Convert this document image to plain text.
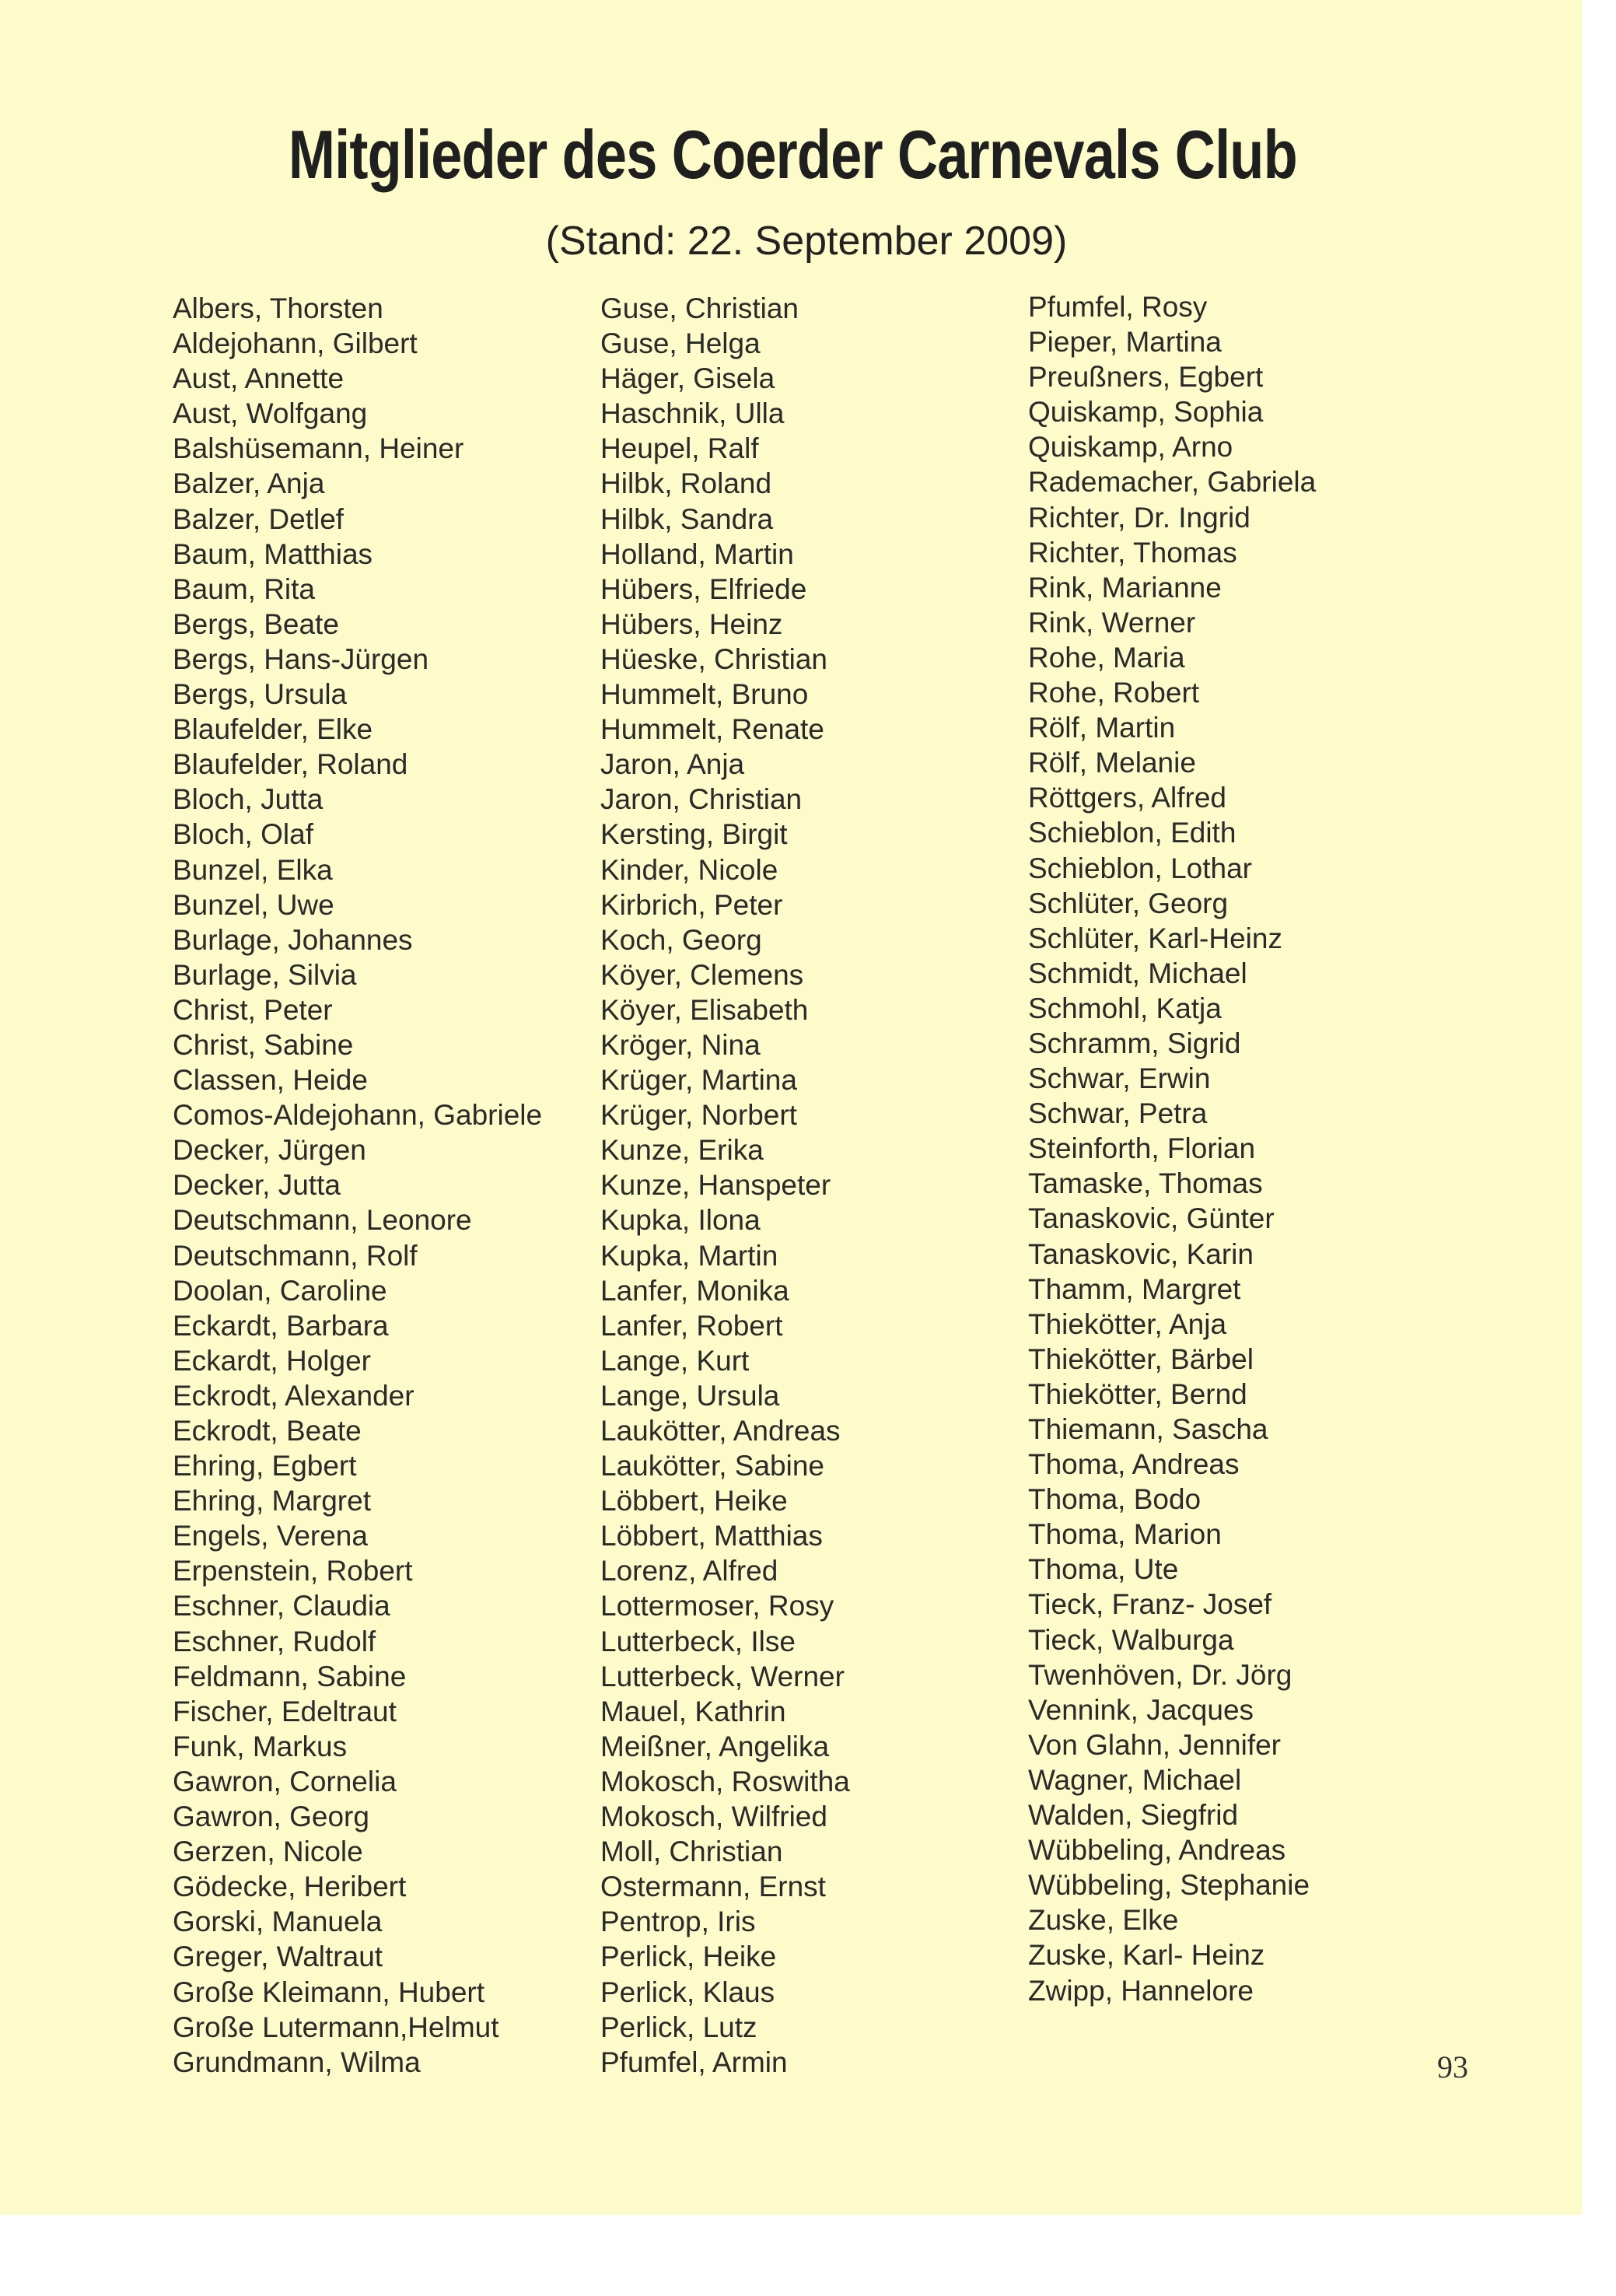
Mitglieder des Coerder Carnevals Club
(Stand: 22. September 2009)
Albers, Thorsten
Aldejohann, Gilbert
Aust, Annette
Aust, Wolfgang
Balshüsemann, Heiner
Balzer, Anja
Balzer, Detlef
Baum, Matthias
Baum, Rita
Bergs, Beate
Bergs, Hans-Jürgen
Bergs, Ursula
Blaufelder, Elke
Blaufelder, Roland
Bloch, Jutta
Bloch, Olaf
Bunzel, Elka
Bunzel, Uwe
Burlage, Johannes
Burlage, Silvia
Christ, Peter
Christ, Sabine
Classen, Heide
Comos-Aldejohann, Gabriele
Decker, Jürgen
Decker, Jutta
Deutschmann, Leonore
Deutschmann, Rolf
Doolan, Caroline
Eckardt, Barbara
Eckardt, Holger
Eckrodt, Alexander
Eckrodt, Beate
Ehring, Egbert
Ehring, Margret
Engels, Verena
Erpenstein, Robert
Eschner, Claudia
Eschner, Rudolf
Feldmann, Sabine
Fischer, Edeltraut
Funk, Markus
Gawron, Cornelia
Gawron, Georg
Gerzen, Nicole
Gödecke, Heribert
Gorski, Manuela
Greger, Waltraut
Große Kleimann, Hubert
Große Lutermann,Helmut
Grundmann, Wilma
Guse, Christian
Guse, Helga
Häger, Gisela
Haschnik, Ulla
Heupel, Ralf
Hilbk, Roland
Hilbk, Sandra
Holland, Martin
Hübers, Elfriede
Hübers, Heinz
Hüeske, Christian
Hummelt, Bruno
Hummelt, Renate
Jaron, Anja
Jaron, Christian
Kersting, Birgit
Kinder, Nicole
Kirbrich, Peter
Koch, Georg
Köyer, Clemens
Köyer, Elisabeth
Kröger, Nina
Krüger, Martina
Krüger, Norbert
Kunze, Erika
Kunze, Hanspeter
Kupka, Ilona
Kupka, Martin
Lanfer, Monika
Lanfer, Robert
Lange, Kurt
Lange, Ursula
Laukötter, Andreas
Laukötter, Sabine
Löbbert, Heike
Löbbert, Matthias
Lorenz, Alfred
Lottermoser, Rosy
Lutterbeck, Ilse
Lutterbeck, Werner
Mauel, Kathrin
Meißner, Angelika
Mokosch, Roswitha
Mokosch, Wilfried
Moll, Christian
Ostermann, Ernst
Pentrop, Iris
Perlick, Heike
Perlick, Klaus
Perlick, Lutz
Pfumfel, Armin
Pfumfel, Rosy
Pieper, Martina
Preußners, Egbert
Quiskamp, Sophia
Quiskamp, Arno
Rademacher, Gabriela
Richter, Dr. Ingrid
Richter, Thomas
Rink, Marianne
Rink, Werner
Rohe, Maria
Rohe, Robert
Rölf, Martin
Rölf, Melanie
Röttgers, Alfred
Schieblon, Edith
Schieblon, Lothar
Schlüter, Georg
Schlüter, Karl-Heinz
Schmidt, Michael
Schmohl, Katja
Schramm, Sigrid
Schwar, Erwin
Schwar, Petra
Steinforth, Florian
Tamaske, Thomas
Tanaskovic, Günter
Tanaskovic, Karin
Thamm, Margret
Thiekötter, Anja
Thiekötter, Bärbel
Thiekötter, Bernd
Thiemann, Sascha
Thoma, Andreas
Thoma, Bodo
Thoma, Marion
Thoma, Ute
Tieck, Franz- Josef
Tieck, Walburga
Twenhöven, Dr. Jörg
Vennink, Jacques
Von Glahn, Jennifer
Wagner, Michael
Walden, Siegfrid
Wübbeling, Andreas
Wübbeling, Stephanie
Zuske, Elke
Zuske, Karl- Heinz
Zwipp, Hannelore
93
